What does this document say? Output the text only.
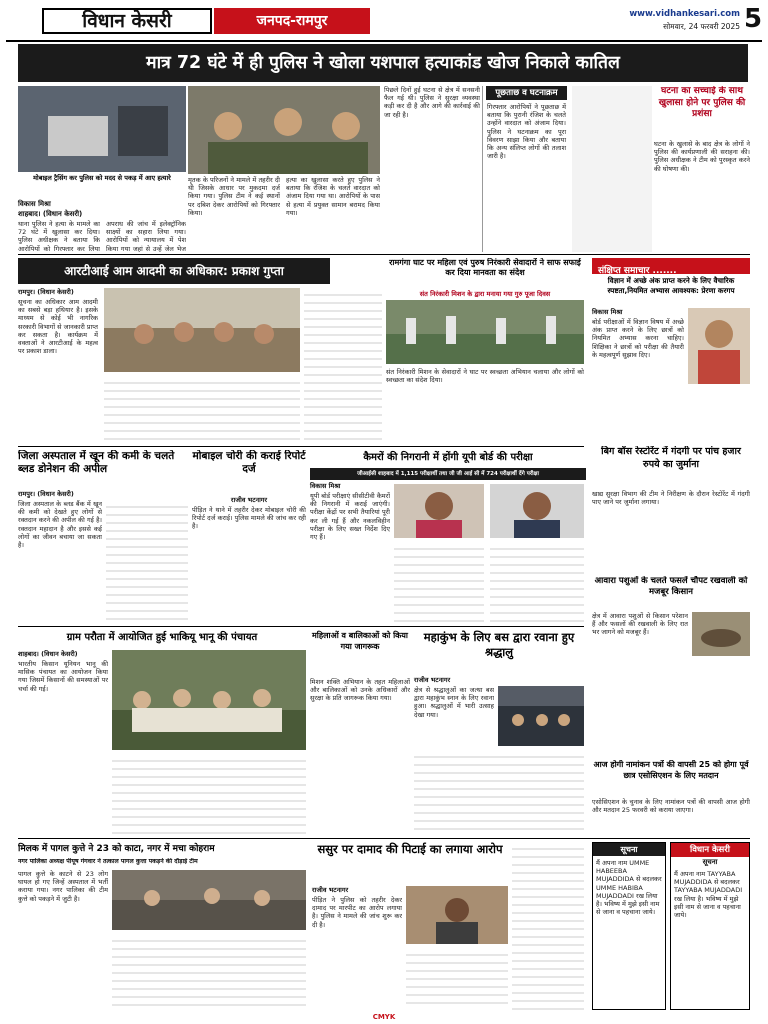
विधान केसरी	जनपद-रामपुर	www.vidhankesari.com
सोमवार, 24 फरवरी 2025 5
मात्र 72 घंटे में ही पुलिस ने खोला यशपाल हत्याकांड खोज निकाले कातिल
मोबाइल ट्रैसिंग कर पुलिस को मदद से पकड़ में आए हत्यारे
विकास मिश्रा
शाहबाद। (विधान केसरी)
थाना पुलिस ने हत्या के मामले का 72 घंटे में खुलासा कर दिया। पुलिस अधीक्षक ने बताया कि आरोपियों को गिरफ्तार कर लिया
मृतक के परिजनों ने मामले में तहरीर दी थी जिसके आधार पर मुकदमा दर्ज किया गया। पुलिस टीम ने कई स्थानों पर दबिश देकर आरोपियों को गिरफ्तार किया।
हत्या का खुलासा करते हुए पुलिस ने बताया कि रंजिश के चलते वारदात को अंजाम दिया गया था। आरोपियों के पास से हत्या में प्रयुक्त सामान बरामद किया गया।
पिछले दिनों हुई घटना से क्षेत्र में सनसनी फैल गई थी। पुलिस ने सुरक्षा व्यवस्था कड़ी कर दी है और आगे की कार्रवाई की जा रही है।
अपराध की जांच में इलेक्ट्रॉनिक साक्ष्यों का सहारा लिया गया। आरोपियों को न्यायालय में पेश किया गया जहां से उन्हें जेल भेज
पूछताछ व घटनाक्रम
गिरफ्तार आरोपियों ने पूछताछ में बताया कि पुरानी रंजिश के चलते उन्होंने वारदात को अंजाम दिया। पुलिस ने घटनाक्रम का पूरा विवरण साझा किया और बताया कि अन्य संलिप्त लोगों की तलाश जारी है।
घटना का सच्चाई के साथ खुलासा होने पर पुलिस की प्रशंसा
घटना के खुलासे के बाद क्षेत्र के लोगों ने पुलिस की कार्यप्रणाली की सराहना की। पुलिस अधीक्षक ने टीम को पुरस्कृत करने की घोषणा की।
आरटीआई आम आदमी का अधिकार: प्रकाश गुप्ता
रामपुर। (विधान केसरी)
सूचना का अधिकार आम आदमी का सबसे बड़ा हथियार है। इसके माध्यम से कोई भी नागरिक सरकारी विभागों से जानकारी प्राप्त कर सकता है। कार्यक्रम में वक्ताओं ने आरटीआई के महत्व पर प्रकाश डाला।
रामगंगा घाट पर महिला एवं पुरुष निरंकारी सेवादारों ने साफ सफाई कर दिया मानवता का संदेश
संत निरंकारी मिशन के द्वारा मनाया गया गुरु पूजा दिवस
संत निरंकारी मिशन के सेवादारों ने घाट पर स्वच्छता अभियान चलाया और लोगों को स्वच्छता का संदेश दिया।
संक्षिप्त समाचार .......
विज्ञान में अच्छे अंक प्राप्त करने के लिए वैचारिक स्पष्टता,नियमित अभ्यास आवश्यक: प्रेरणा करगप
विकास मिश्रा
बोर्ड परीक्षाओं में विज्ञान विषय में अच्छे अंक प्राप्त करने के लिए छात्रों को नियमित अभ्यास करना चाहिए। शिक्षिका ने छात्रों को परीक्षा की तैयारी के महत्वपूर्ण सुझाव दिए।
जिला अस्पताल में खून की कमी के चलते ब्लड डोनेशन की अपील
रामपुर। (विधान केसरी)
जिला अस्पताल के ब्लड बैंक में खून की कमी को देखते हुए लोगों से रक्तदान करने की अपील की गई है। रक्तदान महादान है और इससे कई लोगों का जीवन बचाया जा सकता है।
मोबाइल चोरी की कराई रिपोर्ट दर्ज
राजीव भटनागर
पीड़ित ने थाने में तहरीर देकर मोबाइल चोरी की रिपोर्ट दर्ज कराई। पुलिस मामले की जांच कर रही है।
कैमरों की निगरानी में होंगी यूपी बोर्ड की परीक्षा
जीआईसी शाहबाद में 1,115 परीक्षार्थी तथा जी जी आई सी में 724 परीक्षार्थी देंगे परीक्षा
विकास मिश्रा
यूपी बोर्ड परीक्षाएं सीसीटीवी कैमरों की निगरानी में कराई जाएंगी। परीक्षा केंद्रों पर सभी तैयारियां पूरी कर ली गई हैं और नकलविहीन परीक्षा के लिए सख्त निर्देश दिए गए हैं।
बिग बॉस रेस्टोरेंट में गंदगी पर पांच हजार रुपये का जुर्माना
खाद्य सुरक्षा विभाग की टीम ने निरीक्षण के दौरान रेस्टोरेंट में गंदगी पाए जाने पर जुर्माना लगाया।
आवारा पशुओं के चलते फसलें चौपट रखवाली को मजबूर किसान
क्षेत्र में आवारा पशुओं से किसान परेशान हैं और फसलों की रखवाली के लिए रात भर जागने को मजबूर हैं।
ग्राम परौता में आयोजित हुई भाकियू भानू की पंचायत
शाहबाद। (विधान केसरी)
भारतीय किसान यूनियन भानू की मासिक पंचायत का आयोजन किया गया जिसमें किसानों की समस्याओं पर चर्चा की गई।
महिलाओं व बालिकाओं को किया गया जागरूक
मिशन शक्ति अभियान के तहत महिलाओं और बालिकाओं को उनके अधिकारों और सुरक्षा के प्रति जागरूक किया गया।
महाकुंभ के लिए बस द्वारा रवाना हुए श्रद्धालु
राजीव भटनागर
क्षेत्र से श्रद्धालुओं का जत्था बस द्वारा महाकुंभ स्नान के लिए रवाना हुआ। श्रद्धालुओं में भारी उत्साह देखा गया।
आज होगी नामांकन पत्रों की वापसी 25 को होगा पूर्व छात्र एसोसिएशन के लिए मतदान
एसोसिएशन के चुनाव के लिए नामांकन पत्रों की वापसी आज होगी और मतदान 25 फरवरी को कराया जाएगा।
मिलक में पागल कुत्ते ने 23 को काटा, नगर में मचा कोहराम
नगर पालिका अध्यक्ष पीयूष गंगवार ने तत्काल पागल कुत्ता पकड़ने की दौड़ाई टीम
पागल कुत्ते के काटने से 23 लोग घायल हो गए जिन्हें अस्पताल में भर्ती कराया गया। नगर पालिका की टीम कुत्ते को पकड़ने में जुटी है।
ससुर पर दामाद की पिटाई का लगाया आरोप
राजीव भटनागर
पीड़ित ने पुलिस को तहरीर देकर दामाद पर मारपीट का आरोप लगाया है। पुलिस ने मामले की जांच शुरू कर दी है।
सूचना
मैं अपना नाम UMME HABEEBA MUJADDIDA से बदलकर UMME HABIBA MUJADDADI रख लिया है। भविष्य में मुझे इसी नाम से जाना व पहचाना जाये।
विधान केसरी
सूचना
मैं अपना नाम TAYYABA MUJADDIDA से बदलकर TAYYABA MUJADDADI रख लिया है। भविष्य में मुझे इसी नाम से जाना व पहचाना जाये।
CMYK
